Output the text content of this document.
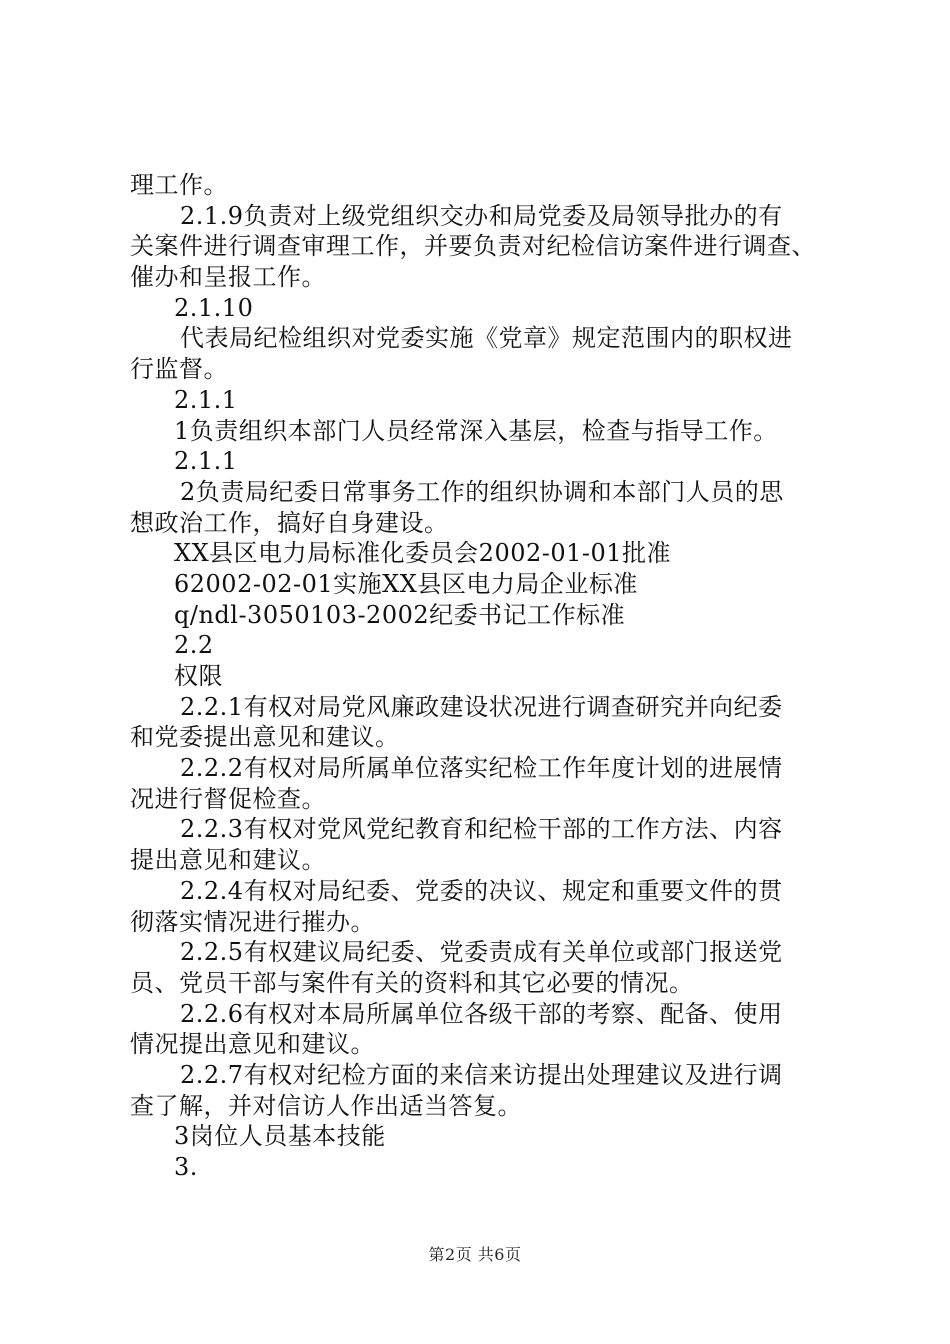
理工作。
2.1.9负责对上级党组织交办和局党委及局领导批办的有
关案件进行调查审理工作，并要负责对纪检信访案件进行调查、
催办和呈报工作。
2.1.10
代表局纪检组织对党委实施《党章》规定范围内的职权进
行监督。
2.1.1
1负责组织本部门人员经常深入基层，检查与指导工作。
2.1.1
2负责局纪委日常事务工作的组织协调和本部门人员的思
想政治工作，搞好自身建设。
XX县区电力局标准化委员会2002-01-01批准
62002-02-01实施XX县区电力局企业标准
q/ndl-3050103-2002纪委书记工作标准
2.2
权限
2.2.1有权对局党风廉政建设状况进行调查研究并向纪委
和党委提出意见和建议。
2.2.2有权对局所属单位落实纪检工作年度计划的进展情
况进行督促检查。
2.2.3有权对党风党纪教育和纪检干部的工作方法、内容
提出意见和建议。
2.2.4有权对局纪委、党委的决议、规定和重要文件的贯
彻落实情况进行摧办。
2.2.5有权建议局纪委、党委责成有关单位或部门报送党
员、党员干部与案件有关的资料和其它必要的情况。
2.2.6有权对本局所属单位各级干部的考察、配备、使用
情况提出意见和建议。
2.2.7有权对纪检方面的来信来访提出处理建议及进行调
查了解，并对信访人作出适当答复。
3岗位人员基本技能
3.
第2页 共6页
